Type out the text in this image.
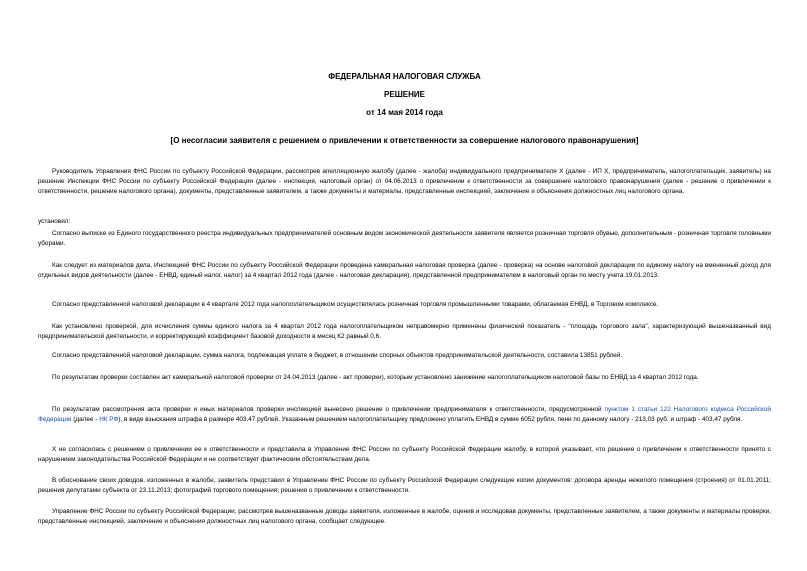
ФЕДЕРАЛЬНАЯ НАЛОГОВАЯ СЛУЖБА
РЕШЕНИЕ
от 14 мая 2014 года
[О несогласии заявителя с решением о привлечении к ответственности за совершение налогового правонарушения]

Руководитель Управления ФНС России по субъекту Российской Федерации, рассмотрев апелляционную жалобу (далее - жалоба) индивидуального предпринимателя Х (далее - ИП Х, предприниматель, налогоплательщик, заявитель) на решение Инспекции ФНС России по субъекту Российской Федерации (далее - инспекция, налоговый орган) от 04.06.2013 о привлечении к ответственности за совершение налогового правонарушения (далее - решение о привлечении к ответственности, решение налогового органа), документы, представленные заявителем, а также документы и материалы, представленные инспекцией, заключение и объяснения должностных лиц налогового органа,

установил:

Согласно выписке из Единого государственного реестра индивидуальных предпринимателей основным видом экономической деятельности заявителя является розничная торговля обувью, дополнительным - розничная торговля головными уборами.

Как следует из материалов дела, Инспекцией ФНС России по субъекту Российской Федерации проведена камеральная налоговая проверка (далее - проверка) на основе налоговой декларации по единому налогу на вмененный доход для отдельных видов деятельности (далее - ЕНВД, единый налог, налог) за 4 квартал 2012 года (далее - налоговая декларация), представленной предпринимателем в налоговый орган по месту учета 19.01.2013.

Согласно представленной налоговой декларации в 4 квартале 2012 года налогоплательщиком осуществлялась розничная торговля промышленными товарами, облагаемая ЕНВД, в Торговом комплексе.

Как установлено проверкой, для исчисления суммы единого налога за 4 квартал 2012 года налогоплательщиком неправомерно применены физический показатель - "площадь торгового зала", характеризующий вышеназванный вид предпринимательской деятельности, и корректирующий коэффициент базовой доходности в месяц К2 равный 0,6.

Согласно представленной налоговой декларации, сумма налога, подлежащая уплате в бюджет, в отношении спорных объектов предпринимательской деятельности, составила 13851 рублей.

По результатам проверки составлен акт камеральной налоговой проверки от 24.04.2013 (далее - акт проверки), которым установлено занижение налогоплательщиком налоговой базы по ЕНВД за 4 квартал 2012 года.

По результатам рассмотрения акта проверки и иных материалов проверки инспекцией вынесено решение о привлечении предпринимателя к ответственности, предусмотренной пунктом 1 статьи 122 Налогового кодекса Российской Федерации (далее - НК РФ), в виде взыскания штрафа в размере 403,47 рублей. Указанным решением налогоплательщику предложено уплатить ЕНВД в сумме 6052 рубля, пени по данному налогу - 213,03 руб. и штраф - 403,47 рубля.

Х не согласилась с решением о привлечении ее к ответственности и представила в Управление ФНС России по субъекту Российской Федерации жалобу, в которой указывает, что решение о привлечении к ответственности принято с нарушением законодательства Российской Федерации и не соответствует фактическим обстоятельствам дела.

В обоснование своих доводов, изложенных в жалобе, заявитель представил в Управление ФНС России по субъекту Российской Федерации следующие копии документов: договора аренды нежилого помещения (строения) от 01.01.2011; решения депутатами субъекта от 23.11.2013; фотографий торгового помещения; решения о привлечении к ответственности.

Управление ФНС России по субъекту Российской Федерации, рассмотрев вышеназванные доводы заявителя, изложенные в жалобе, оценив и исследовав документы, представленные заявителем, а также документы и материалы проверки, представленные инспекцией, заключение и объяснения должностных лиц налогового органа, сообщает следующее.
